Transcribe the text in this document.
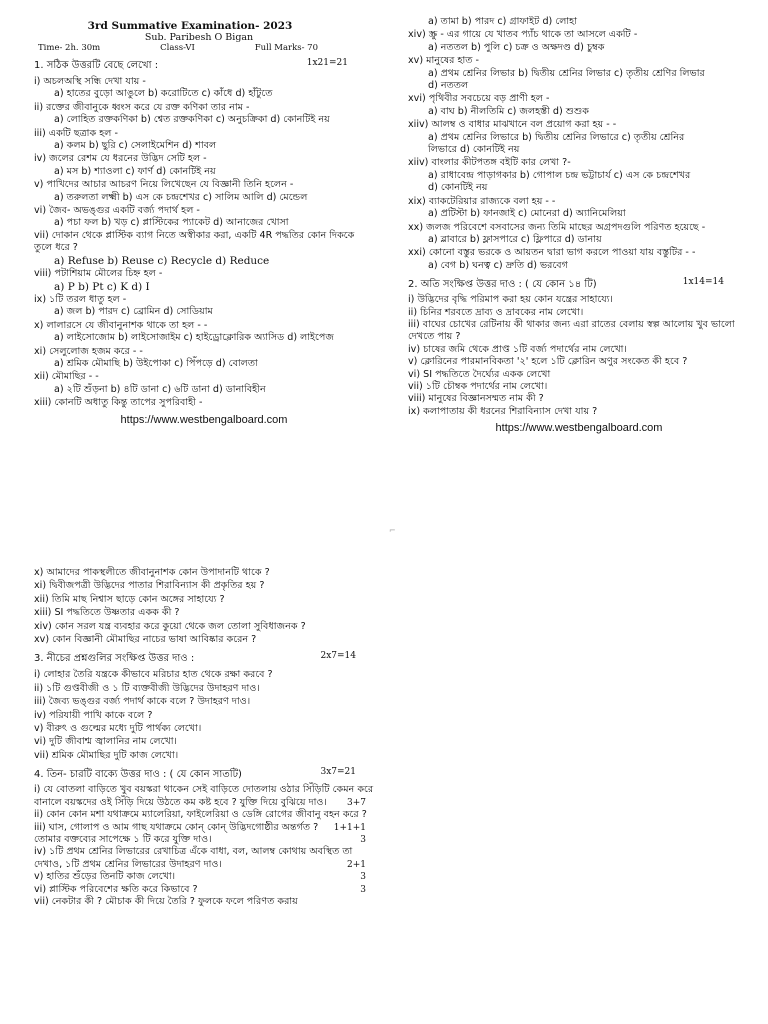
3rd Summative Examination- 2023
Sub. Paribesh O Bigan
Time- 2h. 30m	Class-VI	Full Marks- 70
1. সঠিক উত্তরটি বেছে লেখো :	1x21=21
i) অচলঅস্থি সন্ধি দেখা যায় -
a) হাতের বুড়ো আঙুলে b) করোটিতে c) কাঁধে d) হাঁটুতে
ii) রক্তের জীবানুকে ধ্বংস করে যে রক্ত কণিকা তার নাম -
a) লোহিত রক্তকণিকা b) শ্বেত রক্তকণিকা c) অনুচক্রিকা d) কোনটিই নয়
iii) একটি ছত্রাক হল -
a) কলম b) ছুরি c) সেলাইমেশিন d) শাবল
iv) জলের রেশম যে ধরনের উদ্ভিদ সেটি হল -
a) মস b) শ্যাওলা c) ফার্ণ d) কোনটিই নয়
v) পাখিদের আচার আচরণ নিয়ে লিখেছেন যে বিজ্ঞানী তিনি হলেন -
a) তরুলতা লক্ষ্মী b) এস কে চন্দ্রশেখর c) সালিম আলি d) মেন্ডেল
vi) জৈব- অভঙ্গুর একটি বর্জ্য পদার্থ হল -
a) পচা ফল b) খড় c) প্লাস্টিকের প্যাকেট d) আনাজের খোসা
vii) দোকান থেকে প্লাস্টিক ব্যাগ নিতে অস্বীকার করা, একটি 4R পদ্ধতির কোন দিককে তুলে ধরে ?
a) Refuse b) Reuse c) Recycle d) Reduce
viii) পটাশিয়াম মৌলের চিহ্ন হল -
a) P b) Pt c) K d) I
ix) ১টি তরল ধাতু হল -
a) জল b) পারদ c) ব্রোমিন d) সোডিয়াম
x) লালারসে যে জীবানুনাশক থাকে তা হল - -
a) লাইসোজোম b) লাইসোজাইম c) হাইড্রোক্লোরিক অ্যাসিড d) লাইপেজ
xi) সেলুলোজ হজম করে - -
a) শ্রমিক মৌমাছি b) উইপোকা c) পিঁপড়ে d) বোলতা
xii) মৌমাছির - -
a) ২টি শুঁড়না b) ৪টি ডানা c) ৬টি ডানা d) ডানাবিহীন
xiii) কোনটি অধাতু কিন্তু তাপের সুপরিবাহী -
https://www.westbengalboard.com
a) তামা b) পারদ c) গ্রাফাইট d) লোহা
xiv) স্ক্রু - এর গায়ে যে খাতব প্যাঁচ থাকে তা আসলে একটি -
a) নততল b) পুলি c) চক্র ও অক্ষদণ্ড d) চুম্বক
xv) মানুষের হাত -
a) প্রথম শ্রেনির লিভার b) দ্বিতীয় শ্রেনির লিভার c) তৃতীয় শ্রেণির লিভার
d) নততল
xvi) পৃথিবীর সবচেয়ে বড় প্রাণী হল -
a) বাঘ b) নীলতিমি c) জলহস্তী d) শুশুক
xiiv) আলম্ব ও বাধার মাঝখানে বল প্রয়োগ করা হয় - -
a) প্রথম শ্রেনির লিভারে b) দ্বিতীয় শ্রেনির লিভারে c) তৃতীয় শ্রেনির
লিভারে d) কোনটিই নয়
xiiv) বাংলার কীটপতঙ্গ বইটি কার লেখা ?-
a) রাধাবেন্দ্র পাড়াগকার b) গোপাল চন্দ্র ভট্টাচার্য c) এস কে চন্দ্রশেখর
d) কোনটিই নয়
xix) ব্যাকটেরিয়ার রাজ্যকে বলা হয় - -
a) প্রটিস্টা b) ফানজাই c) মোনেরা d) অ্যানিমেলিয়া
xx) জলজ পরিবেশে বসবাসের জন্য তিমি মাছের অগ্রপদগুলি পরিণত হয়েছে -
a) ব্লাবারে b) ফ্লাসপারে c) ফ্লিপারে d) ডানায়
xxi) কোনো বস্তুর ভরকে ও আয়তন দ্বারা ভাগ করলে পাওয়া যায় বস্তুটির - -
a) বেগ b) ঘনত্ব c) দ্রুতি d) ভরবেগ
2. অতি সংক্ষিপ্ত উত্তর দাও : ( যে কোন ১৪ টি)	1x14=14
i) উদ্ভিদের বৃদ্ধি পরিমাপ করা হয় কোন যন্ত্রের সাহায্যে।
ii) চিনির শরবতে দ্রাব্য ও দ্রাবকের নাম লেখো।
iii) বাঘের চোখের রেটিনায় কী থাকার জন্য এরা রাতের বেলায় স্বল্প আলোয় খুব ভালো দেখতে পায় ?
iv) চাষের জমি থেকে প্রাপ্ত ১টি বর্জ্য পদার্থের নাম লেখো।
v) ক্লোরিনের পারমানবিকতা '২' হলে ১টি ক্লোরিন অণুর সংকেত কী হবে ?
vi) SI পদ্ধতিতে দৈর্ঘ্যের একক লেখো
vii) ১টি চৌম্বক পদার্থের নাম লেখো।
viii) মানুষের বিজ্ঞানসম্মত নাম কী ?
ix) কলাপাতায় কী ধরনের শিরাবিন্যাস দেখা যায় ?
https://www.westbengalboard.com
⌐
x) আমাদের পাকস্থলীতে জীবানুনাশক কোন উপাদানটি থাকে ?
xi) দ্বিবীজপত্রী উদ্ভিদের পাতার শিরাবিন্যাস কী প্রকৃতির হয় ?
xii) তিমি মাছ নিশ্বাস ছাড়ে কোন অঙ্গের সাহায্যে ?
xiii) SI পদ্ধতিতে উষ্ণতার একক কী ?
xiv) কোন সরল যন্ত্র ব্যবহার করে কুয়ো থেকে জল তোলা সুবিধাজনক ?
xv) কোন বিজ্ঞানী মৌমাছির নাচের ভাষা আবিষ্কার করেন ?
3. নীচের প্রশ্নগুলির সংক্ষিপ্ত উত্তর দাও :	2x7=14
i) লোহার তৈরি যন্ত্রকে কীভাবে মরিচার হাত থেকে রক্ষা করবে ?
ii) ১টি গুপ্তবীজী ও ১ টি ব্যক্তবীজী উদ্ভিদের উদাহরণ দাও।
iii) জৈব্য ভঙ্গুর বর্জ্য পদার্থ কাকে বলে ? উদাহরণ দাও।
iv) পরিযায়ী পাখি কাকে বলে ?
v) বীরুৎ ও গুল্মের মধ্যে দুটি পার্থক্য লেখো।
vi) দুটি জীবাশ্ম জ্বালানির নাম লেখো।
vii) শ্রমিক মৌমাছির দুটি কাজ লেখো।
4. তিন- চারটি বাক্যে উত্তর দাও : ( যে কোন সাতটি)	3x7=21
i) যে বোতলা বাড়িতে খুব বয়স্করা থাকেন সেই বাড়িতে দোতলায় ওঠার সিঁড়িটি কেমন করে বানালে বয়স্কদের ওই সিঁড়ি দিয়ে উঠতে কম কষ্ট হবে ? যুক্তি দিয়ে বুঝিয়ে দাও। 3+7
ii) কোন কোন মশা যথাক্রমে ম্যালেরিয়া, ফাইলেরিয়া ও ডেঙ্গি রোগের জীবানু বহন করে ?
1+1+1
iii) ঘাস, গোলাপ ও আম গাছ যথাক্রমে কোন্ কোন্ উদ্ভিদগোষ্ঠীর অন্তর্গত ? তোমার বক্তব্যের সাপেক্ষে ১ টি করে যুক্তি দাও।	3
iv) ১টি প্রথম শ্রেনির লিভারের রেখাচিত্র এঁকে বাধা, বল, আলম্ব কোথায় অবস্থিত তা দেখাও, ১টি প্রথম শ্রেনির লিভারের উদাহরণ দাও।	2+1
v) হাতির শুঁড়ের তিনটি কাজ লেখো।	3
vi) প্লাস্টিক পরিবেশের ক্ষতি করে কিভাবে ?	3
vii) নেকটার কী ? মৌচাক কী দিয়ে তৈরি ? ফুলকে ফলে পরিণত করায়
